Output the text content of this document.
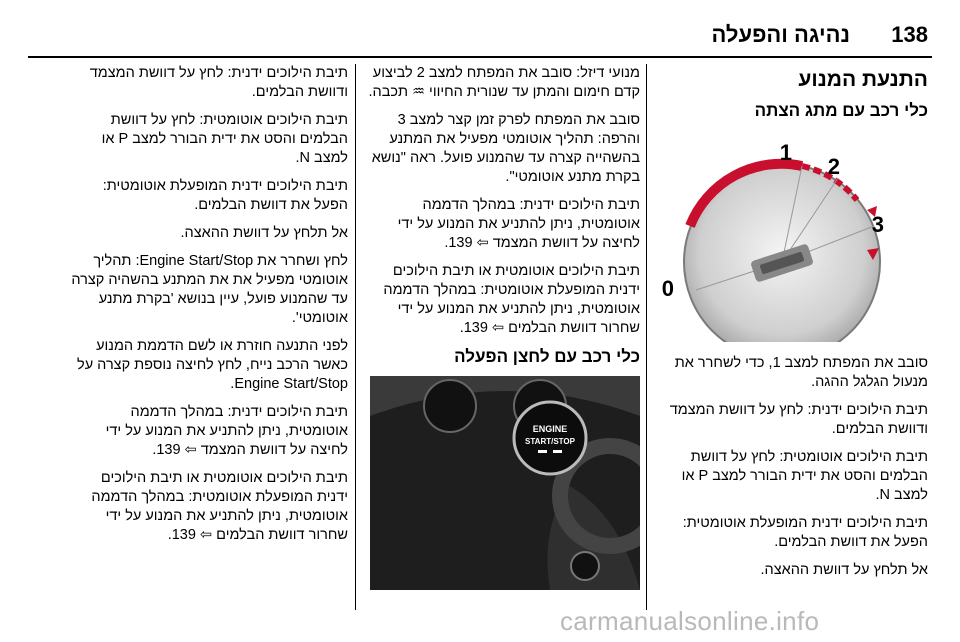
נהיגה והפעלה 138
התנעת המנוע
כלי רכב עם מתג הצתה
0
1
2
3

סובב את המפתח למצב 1, כדי לשחרר את מנעול הגלגל ההגה.

תיבת הילוכים ידנית: לחץ על דוושת המצמד ודוושת הבלמים.

תיבת הילוכים אוטומטית: לחץ על דוושת הבלמים והסט את ידית הבורר למצב P או למצב N.

תיבת הילוכים ידנית המופעלת אוטומטית: הפעל את דוושת הבלמים.

אל תלחץ על דוושת ההאצה.

מנועי דיזל: סובב את המפתח למצב 2 לביצוע קדם חימום והמתן עד שנורית החיווי ♒ תכבה.

סובב את המפתח לפרק זמן קצר למצב 3 והרפה: תהליך אוטומטי מפעיל את המתנע בהשהייה קצרה עד שהמנוע פועל. ראה "נושא בקרת מתנע אוטומטי".

תיבת הילוכים ידנית: במהלך הדממה אוטומטית, ניתן להתניע את המנוע על ידי לחיצה על דוושת המצמד ⇦ 139.

תיבת הילוכים אוטומטית או תיבת הילוכים ידנית המופעלת אוטומטית: במהלך הדממה אוטומטית, ניתן להתניע את המנוע על ידי שחרור דוושת הבלמים ⇦ 139.

כלי רכב עם לחצן הפעלה
ENGINE
START/STOP

תיבת הילוכים ידנית: לחץ על דוושת המצמד ודוושת הבלמים.

תיבת הילוכים אוטומטית: לחץ על דוושת הבלמים והסט את ידית הבורר למצב P או למצב N.

תיבת הילוכים ידנית המופעלת אוטומטית: הפעל את דוושת הבלמים.

אל תלחץ על דוושת ההאצה.

לחץ ושחרר את Engine Start/Stop: תהליך אוטומטי מפעיל את את המתנע בהשהיה קצרה עד שהמנוע פועל, עיין בנושא 'בקרת מתנע אוטומטי'.

לפני התנעה חוזרת או לשם הדממת המנוע כאשר הרכב נייח, לחץ לחיצה נוספת קצרה על Engine Start/Stop.

תיבת הילוכים ידנית: במהלך הדממה אוטומטית, ניתן להתניע את המנוע על ידי לחיצה על דוושת המצמד ⇦ 139.

תיבת הילוכים אוטומטית או תיבת הילוכים ידנית המופעלת אוטומטית: במהלך הדממה אוטומטית, ניתן להתניע את המנוע על ידי שחרור דוושת הבלמים ⇦ 139.

carmanualsonline.info
